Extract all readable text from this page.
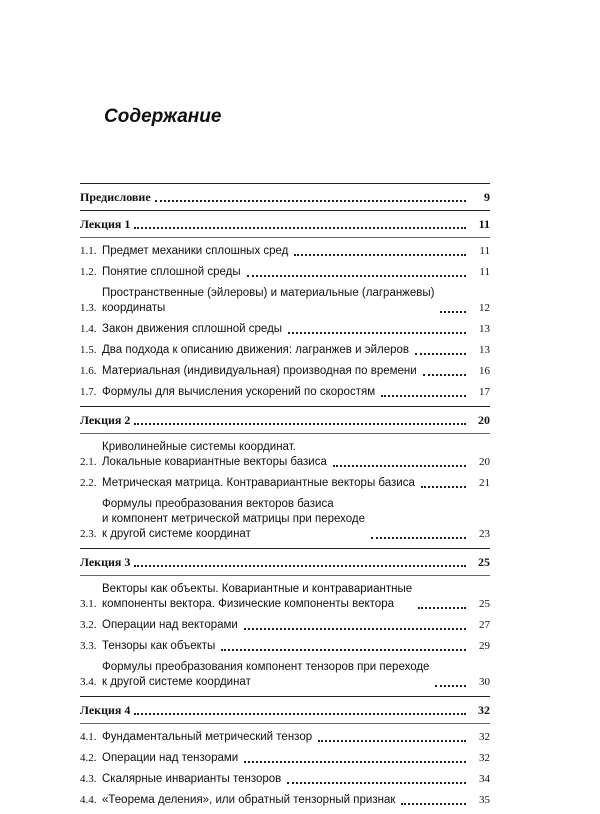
Содержание
Предисловие	9
Лекция 1	11
1.1. Предмет механики сплошных сред	11
1.2. Понятие сплошной среды	11
1.3.
Пространственные (эйлеровы) и материальные (лагранжевы)
координаты	12
1.4. Закон движения сплошной среды	13
1.5. Два подхода к описанию движения: лагранжев и эйлеров	13
1.6. Материальная (индивидуальная) производная по времени	16
1.7. Формулы для вычисления ускорений по скоростям	17
Лекция 2	20
2.1.
Криволинейные системы координат.
Локальные ковариантные векторы базиса	20
2.2. Метрическая матрица. Контравариантные векторы базиса	21
2.3.
Формулы преобразования векторов базиса
и компонент метрической матрицы при переходе
к другой системе координат	23
Лекция 3	25
3.1.
Векторы как объекты. Ковариантные и контравариантные
компоненты вектора. Физические компоненты вектора	25
3.2. Операции над векторами	27
3.3. Тензоры как объекты	29
3.4.
Формулы преобразования компонент тензоров при переходе
к другой системе координат	30
Лекция 4	32
4.1. Фундаментальный метрический тензор	32
4.2. Операции над тензорами	32
4.3. Скалярные инварианты тензоров	34
4.4. «Теорема деления», или обратный тензорный признак	35
